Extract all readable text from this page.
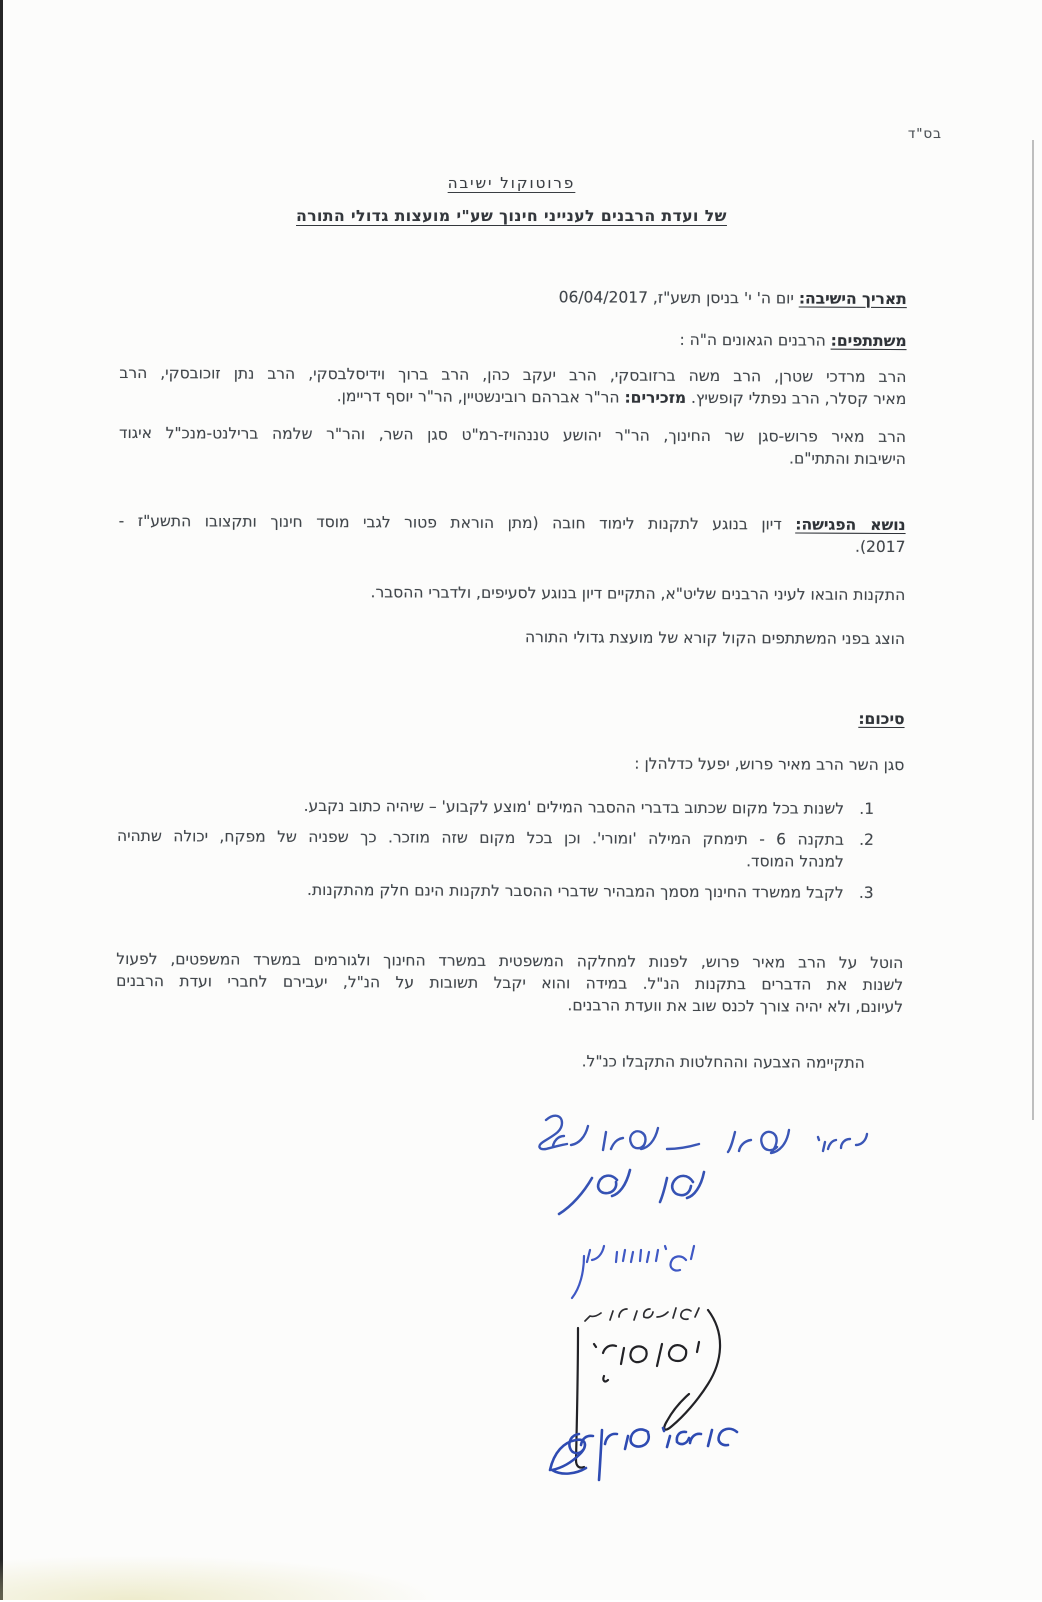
בס"ד
פרוטוקול ישיבה
של ועדת הרבנים לענייני חינוך שע"י מועצות גדולי התורה
תאריך הישיבה: יום ה' י' בניסן תשע"ז, 06/04/2017
משתתפים: הרבנים הגאונים ה"ה :
הרב מרדכי שטרן, הרב משה ברזובסקי, הרב יעקב כהן, הרב ברוך וידיסלבסקי, הרב נתן זוכובסקי, הרב
מאיר קסלר, הרב נפתלי קופשיץ. מזכירים: הר"ר אברהם רובינשטיין, הר"ר יוסף דריימן.
הרב מאיר פרוש-סגן שר החינוך, הר"ר יהושע טננהויז-רמ"ט סגן השר, והר"ר שלמה ברילנט-מנכ"ל איגוד
הישיבות והתתי"ם.
נושא הפגישה: דיון בנוגע לתקנות לימוד חובה (מתן הוראת פטור לגבי מוסד חינוך ותקצובו התשע"ז -
2017).
התקנות הובאו לעיני הרבנים שליט"א, התקיים דיון בנוגע לסעיפים, ולדברי ההסבר.
הוצג בפני המשתתפים הקול קורא של מועצת גדולי התורה
סיכום:
סגן השר הרב מאיר פרוש, יפעל כדלהלן :
1.
לשנות בכל מקום שכתוב בדברי ההסבר המילים 'מוצע לקבוע' – שיהיה כתוב נקבע.
2.
בתקנה 6 - תימחק המילה 'ומורי'. וכן בכל מקום שזה מוזכר. כך שפניה של מפקח, יכולה שתהיה
למנהל המוסד.
3.
לקבל ממשרד החינוך מסמך המבהיר שדברי ההסבר לתקנות הינם חלק מהתקנות.
הוטל על הרב מאיר פרוש, לפנות למחלקה המשפטית במשרד החינוך ולגורמים במשרד המשפטים, לפעול
לשנות את הדברים בתקנות הנ"ל. במידה והוא יקבל תשובות על הנ"ל, יעבירם לחברי ועדת הרבנים
לעיונם, ולא יהיה צורך לכנס שוב את וועדת הרבנים.
התקיימה הצבעה וההחלטות התקבלו כנ"ל.
